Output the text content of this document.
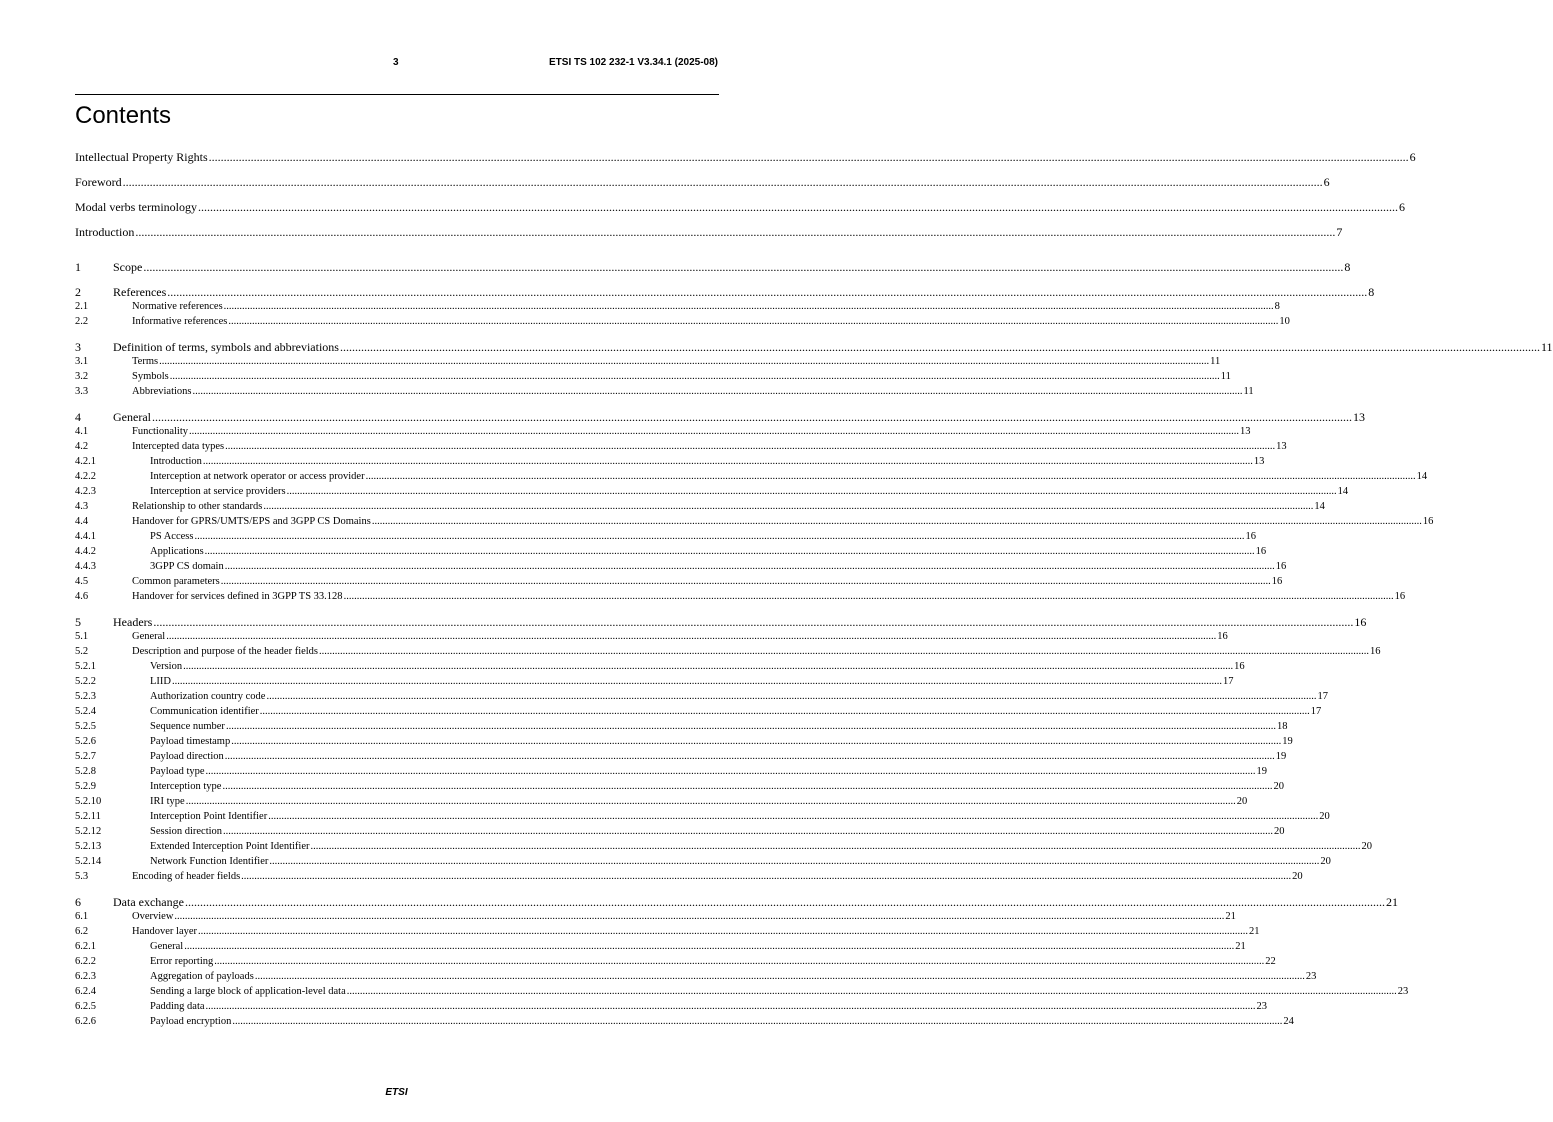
3	ETSI TS 102 232-1 V3.34.1 (2025-08)
Contents
Intellectual Property Rights ................................................................................................................................................................................................................................................................................................................................................................................................................ 6
Foreword ................................................................................................................................................................................................................................................................................................................................................................................................................ 6
Modal verbs terminology ................................................................................................................................................................................................................................................................................................................................................................................................................ 6
Introduction ................................................................................................................................................................................................................................................................................................................................................................................................................ 7
1	Scope ................................................................................................................................................................................................................................................................................................................................................................................................................ 8
2	References ................................................................................................................................................................................................................................................................................................................................................................................................................ 8
2.1	Normative references ................................................................................................................................................................................................................................................................................................................................................................................................................ 8
2.2	Informative references ................................................................................................................................................................................................................................................................................................................................................................................................................ 10
3	Definition of terms, symbols and abbreviations ................................................................................................................................................................................................................................................................................................................................................................................................................ 11
3.1	Terms ................................................................................................................................................................................................................................................................................................................................................................................................................ 11
3.2	Symbols ................................................................................................................................................................................................................................................................................................................................................................................................................ 11
3.3	Abbreviations ................................................................................................................................................................................................................................................................................................................................................................................................................ 11
4	General ................................................................................................................................................................................................................................................................................................................................................................................................................ 13
4.1	Functionality ................................................................................................................................................................................................................................................................................................................................................................................................................ 13
4.2	Intercepted data types ................................................................................................................................................................................................................................................................................................................................................................................................................ 13
4.2.1	Introduction ................................................................................................................................................................................................................................................................................................................................................................................................................ 13
4.2.2	Interception at network operator or access provider ................................................................................................................................................................................................................................................................................................................................................................................................................ 14
4.2.3	Interception at service providers ................................................................................................................................................................................................................................................................................................................................................................................................................ 14
4.3	Relationship to other standards ................................................................................................................................................................................................................................................................................................................................................................................................................ 14
4.4	Handover for GPRS/UMTS/EPS and 3GPP CS Domains ................................................................................................................................................................................................................................................................................................................................................................................................................ 16
4.4.1	PS Access ................................................................................................................................................................................................................................................................................................................................................................................................................ 16
4.4.2	Applications ................................................................................................................................................................................................................................................................................................................................................................................................................ 16
4.4.3	3GPP CS domain ................................................................................................................................................................................................................................................................................................................................................................................................................ 16
4.5	Common parameters ................................................................................................................................................................................................................................................................................................................................................................................................................ 16
4.6	Handover for services defined in 3GPP TS 33.128 ................................................................................................................................................................................................................................................................................................................................................................................................................ 16
5	Headers ................................................................................................................................................................................................................................................................................................................................................................................................................ 16
5.1	General ................................................................................................................................................................................................................................................................................................................................................................................................................ 16
5.2	Description and purpose of the header fields ................................................................................................................................................................................................................................................................................................................................................................................................................ 16
5.2.1	Version ................................................................................................................................................................................................................................................................................................................................................................................................................ 16
5.2.2	LIID ................................................................................................................................................................................................................................................................................................................................................................................................................ 17
5.2.3	Authorization country code ................................................................................................................................................................................................................................................................................................................................................................................................................ 17
5.2.4	Communication identifier ................................................................................................................................................................................................................................................................................................................................................................................................................ 17
5.2.5	Sequence number ................................................................................................................................................................................................................................................................................................................................................................................................................ 18
5.2.6	Payload timestamp ................................................................................................................................................................................................................................................................................................................................................................................................................ 19
5.2.7	Payload direction ................................................................................................................................................................................................................................................................................................................................................................................................................ 19
5.2.8	Payload type ................................................................................................................................................................................................................................................................................................................................................................................................................ 19
5.2.9	Interception type ................................................................................................................................................................................................................................................................................................................................................................................................................ 20
5.2.10	IRI type ................................................................................................................................................................................................................................................................................................................................................................................................................ 20
5.2.11	Interception Point Identifier ................................................................................................................................................................................................................................................................................................................................................................................................................ 20
5.2.12	Session direction ................................................................................................................................................................................................................................................................................................................................................................................................................ 20
5.2.13	Extended Interception Point Identifier ................................................................................................................................................................................................................................................................................................................................................................................................................ 20
5.2.14	Network Function Identifier ................................................................................................................................................................................................................................................................................................................................................................................................................ 20
5.3	Encoding of header fields ................................................................................................................................................................................................................................................................................................................................................................................................................ 20
6	Data exchange ................................................................................................................................................................................................................................................................................................................................................................................................................ 21
6.1	Overview ................................................................................................................................................................................................................................................................................................................................................................................................................ 21
6.2	Handover layer ................................................................................................................................................................................................................................................................................................................................................................................................................ 21
6.2.1	General ................................................................................................................................................................................................................................................................................................................................................................................................................ 21
6.2.2	Error reporting ................................................................................................................................................................................................................................................................................................................................................................................................................ 22
6.2.3	Aggregation of payloads ................................................................................................................................................................................................................................................................................................................................................................................................................ 23
6.2.4	Sending a large block of application-level data ................................................................................................................................................................................................................................................................................................................................................................................................................ 23
6.2.5	Padding data ................................................................................................................................................................................................................................................................................................................................................................................................................ 23
6.2.6	Payload encryption ................................................................................................................................................................................................................................................................................................................................................................................................................ 24
ETSI
